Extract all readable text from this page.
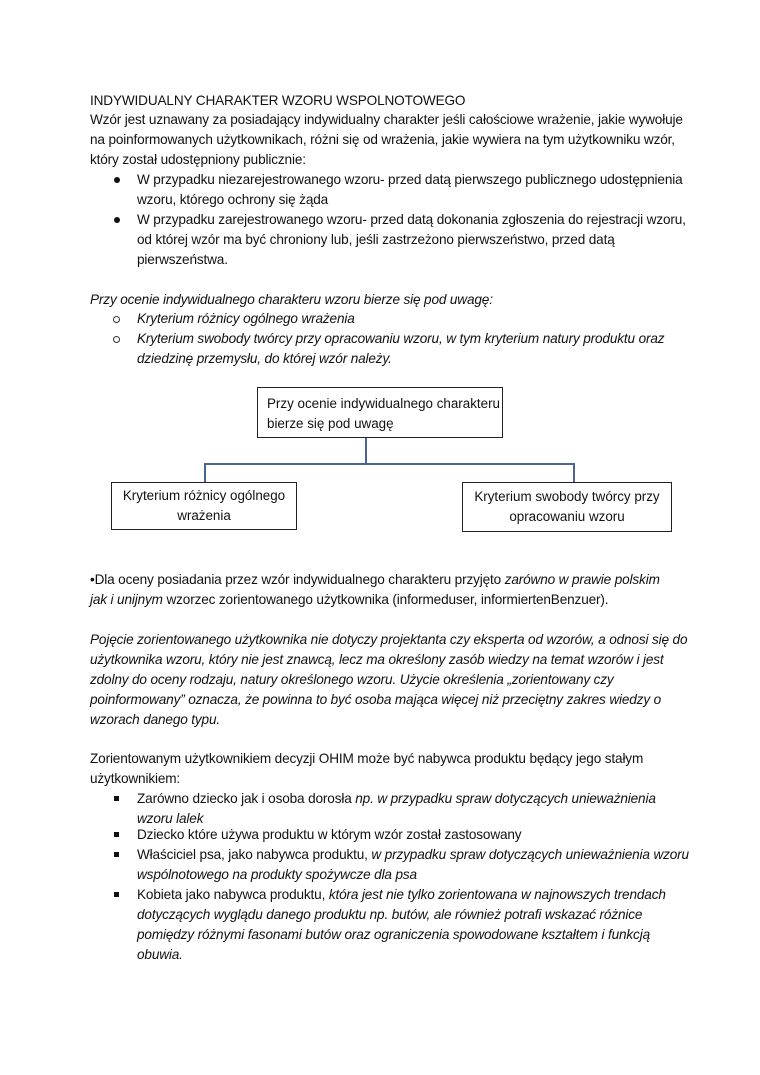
INDYWIDUALNY CHARAKTER WZORU WSPOLNOTOWEGO
Wzór jest uznawany za posiadający indywidualny charakter jeśli całościowe wrażenie, jakie wywołuje
na poinformowanych użytkownikach, różni się od wrażenia, jakie wywiera na tym użytkowniku wzór,
który został udostępniony publicznie:
W przypadku niezarejestrowanego wzoru- przed datą pierwszego publicznego udostępnienia
wzoru, którego ochrony się żąda
W przypadku zarejestrowanego wzoru- przed datą dokonania zgłoszenia do rejestracji wzoru,
od której wzór ma być chroniony lub, jeśli zastrzeżono pierwszeństwo, przed datą
pierwszeństwa.
Przy ocenie indywidualnego charakteru wzoru bierze się pod uwagę:
Kryterium różnicy ogólnego wrażenia
Kryterium swobody twórcy przy opracowaniu wzoru, w tym kryterium natury produktu oraz
dziedzinę przemysłu, do której wzór należy.
Przy ocenie indywidualnego charakteru
bierze się pod uwagę
Kryterium różnicy ogólnego
wrażenia
Kryterium swobody twórcy przy
opracowaniu wzoru
•Dla oceny posiadania przez wzór indywidualnego charakteru przyjęto zarówno w prawie polskim
jak i unijnym wzorzec zorientowanego użytkownika (informeduser, informiertenBenzuer).
Pojęcie zorientowanego użytkownika nie dotyczy projektanta czy eksperta od wzorów, a odnosi się do
użytkownika wzoru, który nie jest znawcą, lecz ma określony zasób wiedzy na temat wzorów i jest
zdolny do oceny rodzaju, natury określonego wzoru. Użycie określenia „zorientowany czy
poinformowany” oznacza, że powinna to być osoba mająca więcej niż przeciętny zakres wiedzy o
wzorach danego typu.
Zorientowanym użytkownikiem decyzji OHIM może być nabywca produktu będący jego stałym
użytkownikiem:
Zarówno dziecko jak i osoba dorosła np. w przypadku spraw dotyczących unieważnienia
wzoru lalek
Dziecko które używa produktu w którym wzór został zastosowany
Właściciel psa, jako nabywca produktu, w przypadku spraw dotyczących unieważnienia wzoru
wspólnotowego na produkty spożywcze dla psa
Kobieta jako nabywca produktu, która jest nie tylko zorientowana w najnowszych trendach
dotyczących wyglądu danego produktu np. butów, ale również potrafi wskazać różnice
pomiędzy różnymi fasonami butów oraz ograniczenia spowodowane kształtem i funkcją
obuwia.
